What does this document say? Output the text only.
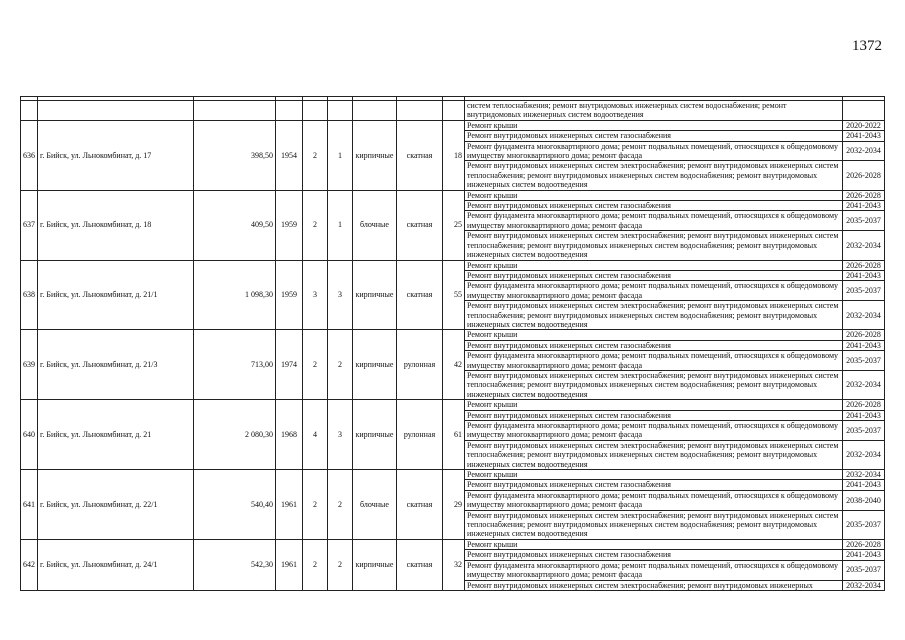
1372

									систем теплоснабжения; ремонт внутридомовых инженерных систем водоснабжения; ремонт внутридомовых инженерных систем водоотведения	
636	г. Бийск, ул. Льнокомбинат, д. 17	398,50	1954	2	1	кирпичные	скатная	18	Ремонт крыши	2020-2022
									Ремонт внутридомовых инженерных систем газоснабжения	2041-2043
									Ремонт фундамента многоквартирного дома; ремонт подвальных помещений, относящихся к общедомовому имуществу многоквартирного дома; ремонт фасада	2032-2034
									Ремонт внутридомовых инженерных систем электроснабжения; ремонт внутридомовых инженерных систем теплоснабжения; ремонт внутридомовых инженерных систем водоснабжения; ремонт внутридомовых инженерных систем водоотведения	2026-2028
637	г. Бийск, ул. Льнокомбинат, д. 18	409,50	1959	2	1	блочные	скатная	25	Ремонт крыши	2026-2028
									Ремонт внутридомовых инженерных систем газоснабжения	2041-2043
									Ремонт фундамента многоквартирного дома; ремонт подвальных помещений, относящихся к общедомовому имуществу многоквартирного дома; ремонт фасада	2035-2037
									Ремонт внутридомовых инженерных систем электроснабжения; ремонт внутридомовых инженерных систем теплоснабжения; ремонт внутридомовых инженерных систем водоснабжения; ремонт внутридомовых инженерных систем водоотведения	2032-2034
638	г. Бийск, ул. Льнокомбинат, д. 21/1	1 098,30	1959	3	3	кирпичные	скатная	55	Ремонт крыши	2026-2028
									Ремонт внутридомовых инженерных систем газоснабжения	2041-2043
									Ремонт фундамента многоквартирного дома; ремонт подвальных помещений, относящихся к общедомовому имуществу многоквартирного дома; ремонт фасада	2035-2037
									Ремонт внутридомовых инженерных систем электроснабжения; ремонт внутридомовых инженерных систем теплоснабжения; ремонт внутридомовых инженерных систем водоснабжения; ремонт внутридомовых инженерных систем водоотведения	2032-2034
639	г. Бийск, ул. Льнокомбинат, д. 21/3	713,00	1974	2	2	кирпичные	рулонная	42	Ремонт крыши	2026-2028
									Ремонт внутридомовых инженерных систем газоснабжения	2041-2043
									Ремонт фундамента многоквартирного дома; ремонт подвальных помещений, относящихся к общедомовому имуществу многоквартирного дома; ремонт фасада	2035-2037
									Ремонт внутридомовых инженерных систем электроснабжения; ремонт внутридомовых инженерных систем теплоснабжения; ремонт внутридомовых инженерных систем водоснабжения; ремонт внутридомовых инженерных систем водоотведения	2032-2034
640	г. Бийск, ул. Льнокомбинат, д. 21	2 080,30	1968	4	3	кирпичные	рулонная	61	Ремонт крыши	2026-2028
									Ремонт внутридомовых инженерных систем газоснабжения	2041-2043
									Ремонт фундамента многоквартирного дома; ремонт подвальных помещений, относящихся к общедомовому имуществу многоквартирного дома; ремонт фасада	2035-2037
									Ремонт внутридомовых инженерных систем электроснабжения; ремонт внутридомовых инженерных систем теплоснабжения; ремонт внутридомовых инженерных систем водоснабжения; ремонт внутридомовых инженерных систем водоотведения	2032-2034
641	г. Бийск, ул. Льнокомбинат, д. 22/1	540,40	1961	2	2	блочные	скатная	29	Ремонт крыши	2032-2034
									Ремонт внутридомовых инженерных систем газоснабжения	2041-2043
									Ремонт фундамента многоквартирного дома; ремонт подвальных помещений, относящихся к общедомовому имуществу многоквартирного дома; ремонт фасада	2038-2040
									Ремонт внутридомовых инженерных систем электроснабжения; ремонт внутридомовых инженерных систем теплоснабжения; ремонт внутридомовых инженерных систем водоснабжения; ремонт внутридомовых инженерных систем водоотведения	2035-2037
642	г. Бийск, ул. Льнокомбинат, д. 24/1	542,30	1961	2	2	кирпичные	скатная	32	Ремонт крыши	2026-2028
									Ремонт внутридомовых инженерных систем газоснабжения	2041-2043
									Ремонт фундамента многоквартирного дома; ремонт подвальных помещений, относящихся к общедомовому имуществу многоквартирного дома; ремонт фасада	2035-2037
									Ремонт внутридомовых инженерных систем электроснабжения; ремонт внутридомовых инженерных	2032-2034
